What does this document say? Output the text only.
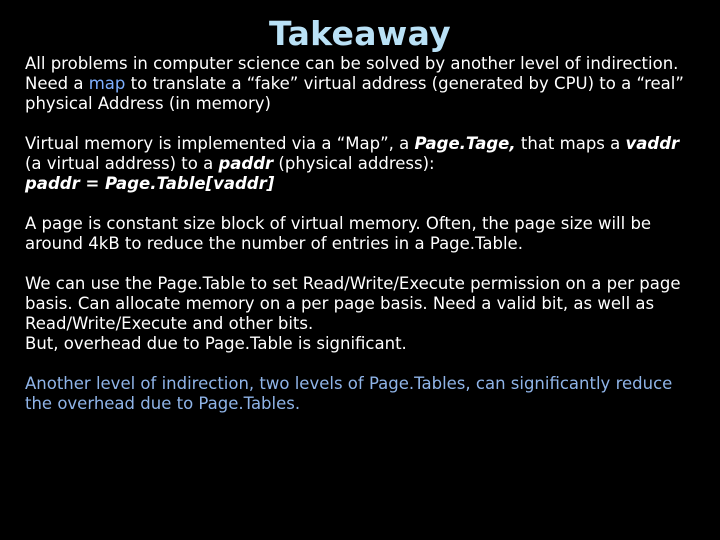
Takeaway

All problems in computer science can be solved by another level of indirection.

Need a map to translate a “fake” virtual address (generated by CPU) to a “real” physical Address (in memory)

Virtual memory is implemented via a “Map”, a Page.Tage, that maps a vaddr (a virtual address) to a paddr (physical address):

paddr = Page.Table[vaddr]

A page is constant size block of virtual memory. Often, the page size will be around 4kB to reduce the number of entries in a Page.Table.

We can use the Page.Table to set Read/Write/Execute permission on a per page basis. Can allocate memory on a per page basis. Need a valid bit, as well as Read/Write/Execute and other bits.

But, overhead due to Page.Table is significant.

Another level of indirection, two levels of Page.Tables, can significantly reduce the overhead due to Page.Tables.
